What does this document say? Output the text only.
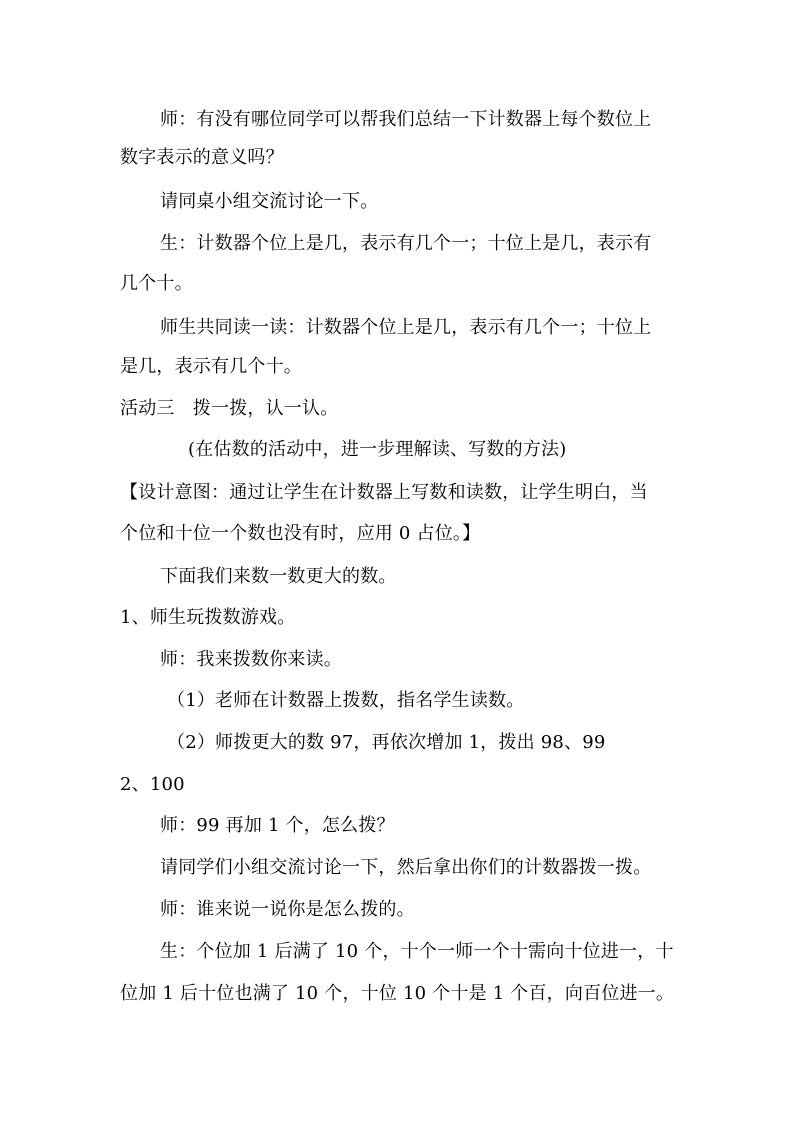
师：有没有哪位同学可以帮我们总结一下计数器上每个数位上
数字表示的意义吗？
请同桌小组交流讨论一下。
生：计数器个位上是几，表示有几个一；十位上是几，表示有
几个十。
师生共同读一读：计数器个位上是几，表示有几个一；十位上
是几，表示有几个十。
活动三　拨一拨，认一认。
(在估数的活动中，进一步理解读、写数的方法)
【设计意图：通过让学生在计数器上写数和读数，让学生明白，当
个位和十位一个数也没有时，应用 0 占位。】
下面我们来数一数更大的数。
1、师生玩拨数游戏。
师：我来拨数你来读。
（1）老师在计数器上拨数，指名学生读数。
（2）师拨更大的数 97，再依次增加 1，拨出 98、99
2、100
师：99 再加 1 个，怎么拨？
请同学们小组交流讨论一下，然后拿出你们的计数器拨一拨。
师：谁来说一说你是怎么拨的。
生：个位加 1 后满了 10 个，十个一师一个十需向十位进一，十
位加 1 后十位也满了 10 个，十位 10 个十是 1 个百，向百位进一。
